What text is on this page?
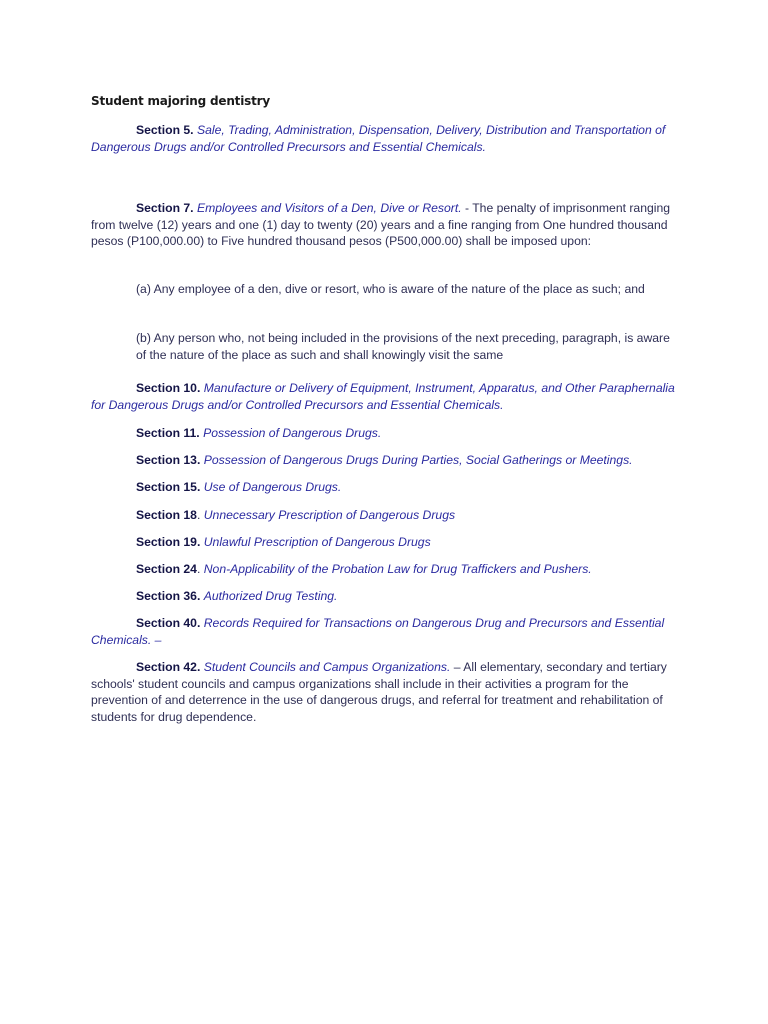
Student majoring dentistry

Section 5. Sale, Trading, Administration, Dispensation, Delivery, Distribution and Transportation of Dangerous Drugs and/or Controlled Precursors and Essential Chemicals.

Section 7. Employees and Visitors of a Den, Dive or Resort. - The penalty of imprisonment ranging from twelve (12) years and one (1) day to twenty (20) years and a fine ranging from One hundred thousand pesos (P100,000.00) to Five hundred thousand pesos (P500,000.00) shall be imposed upon:

(a) Any employee of a den, dive or resort, who is aware of the nature of the place as such; and

(b) Any person who, not being included in the provisions of the next preceding, paragraph, is aware of the nature of the place as such and shall knowingly visit the same

Section 10. Manufacture or Delivery of Equipment, Instrument, Apparatus, and Other Paraphernalia for Dangerous Drugs and/or Controlled Precursors and Essential Chemicals.

Section 11. Possession of Dangerous Drugs.

Section 13. Possession of Dangerous Drugs During Parties, Social Gatherings or Meetings.

Section 15. Use of Dangerous Drugs.

Section 18. Unnecessary Prescription of Dangerous Drugs

Section 19. Unlawful Prescription of Dangerous Drugs

Section 24. Non-Applicability of the Probation Law for Drug Traffickers and Pushers.

Section 36. Authorized Drug Testing.

Section 40. Records Required for Transactions on Dangerous Drug and Precursors and Essential Chemicals. –

Section 42. Student Councils and Campus Organizations. – All elementary, secondary and tertiary schools' student councils and campus organizations shall include in their activities a program for the prevention of and deterrence in the use of dangerous drugs, and referral for treatment and rehabilitation of students for drug dependence.
